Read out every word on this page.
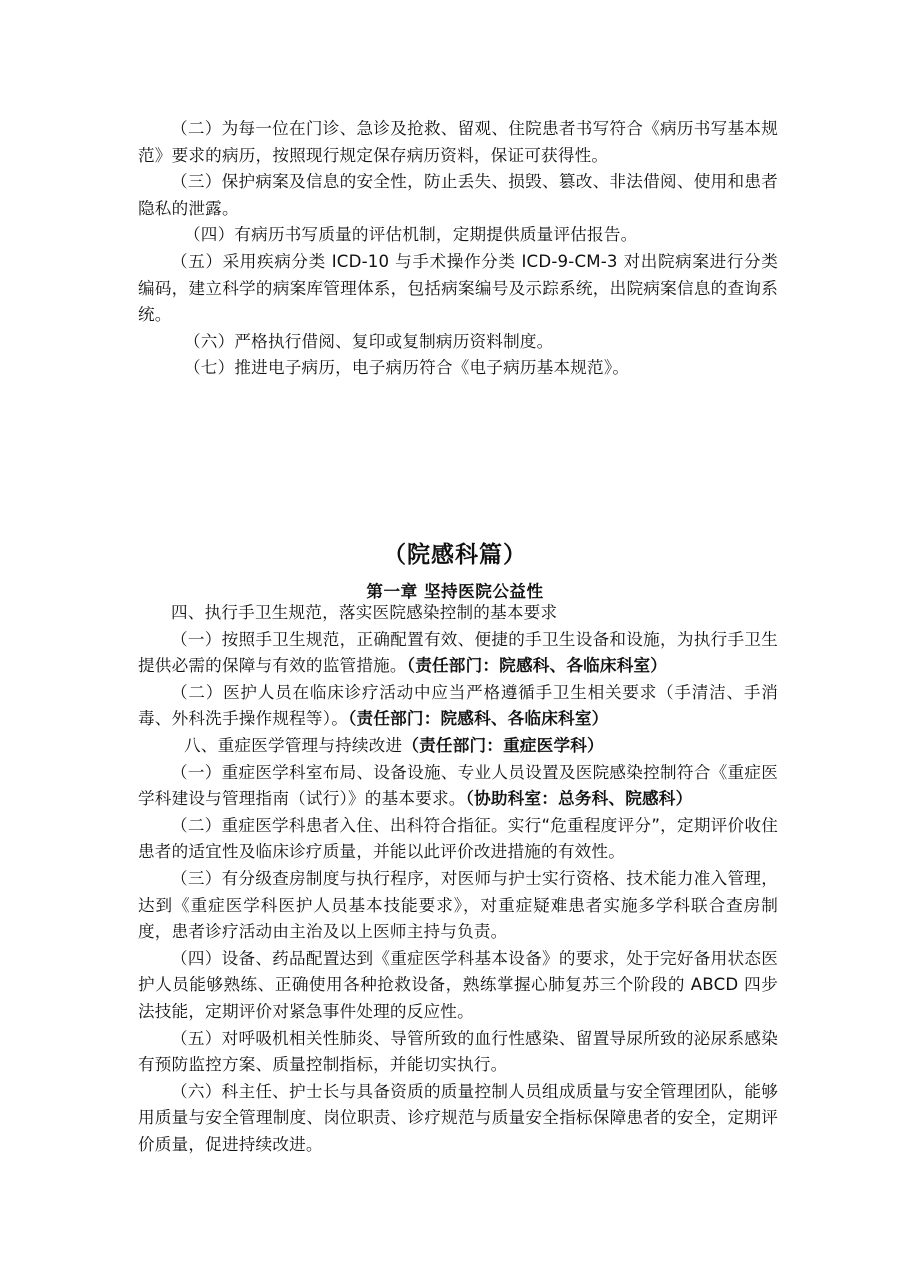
（二）为每一位在门诊、急诊及抢救、留观、住院患者书写符合《病历书写基本规范》要求的病历，按照现行规定保存病历资料，保证可获得性。

（三）保护病案及信息的安全性，防止丢失、损毁、篡改、非法借阅、使用和患者隐私的泄露。

（四）有病历书写质量的评估机制，定期提供质量评估报告。

（五）采用疾病分类 ICD-10 与手术操作分类 ICD-9-CM-3 对出院病案进行分类编码，建立科学的病案库管理体系，包括病案编号及示踪系统，出院病案信息的查询系统。

（六）严格执行借阅、复印或复制病历资料制度。

（七）推进电子病历，电子病历符合《电子病历基本规范》。

（院感科篇）
第一章 坚持医院公益性

四、执行手卫生规范，落实医院感染控制的基本要求

（一）按照手卫生规范，正确配置有效、便捷的手卫生设备和设施，为执行手卫生提供必需的保障与有效的监管措施。（责任部门：院感科、各临床科室）

（二）医护人员在临床诊疗活动中应当严格遵循手卫生相关要求（手清洁、手消毒、外科洗手操作规程等）。（责任部门：院感科、各临床科室）

八、重症医学管理与持续改进（责任部门：重症医学科）

（一）重症医学科室布局、设备设施、专业人员设置及医院感染控制符合《重症医学科建设与管理指南（试行）》的基本要求。（协助科室：总务科、院感科）

（二）重症医学科患者入住、出科符合指征。实行“危重程度评分”，定期评价收住患者的适宜性及临床诊疗质量，并能以此评价改进措施的有效性。

（三）有分级查房制度与执行程序，对医师与护士实行资格、技术能力准入管理，达到《重症医学科医护人员基本技能要求》，对重症疑难患者实施多学科联合查房制度，患者诊疗活动由主治及以上医师主持与负责。

（四）设备、药品配置达到《重症医学科基本设备》的要求，处于完好备用状态医护人员能够熟练、正确使用各种抢救设备，熟练掌握心肺复苏三个阶段的 ABCD 四步法技能，定期评价对紧急事件处理的反应性。

（五）对呼吸机相关性肺炎、导管所致的血行性感染、留置导尿所致的泌尿系感染有预防监控方案、质量控制指标，并能切实执行。

（六）科主任、护士长与具备资质的质量控制人员组成质量与安全管理团队，能够用质量与安全管理制度、岗位职责、诊疗规范与质量安全指标保障患者的安全，定期评价质量，促进持续改进。
